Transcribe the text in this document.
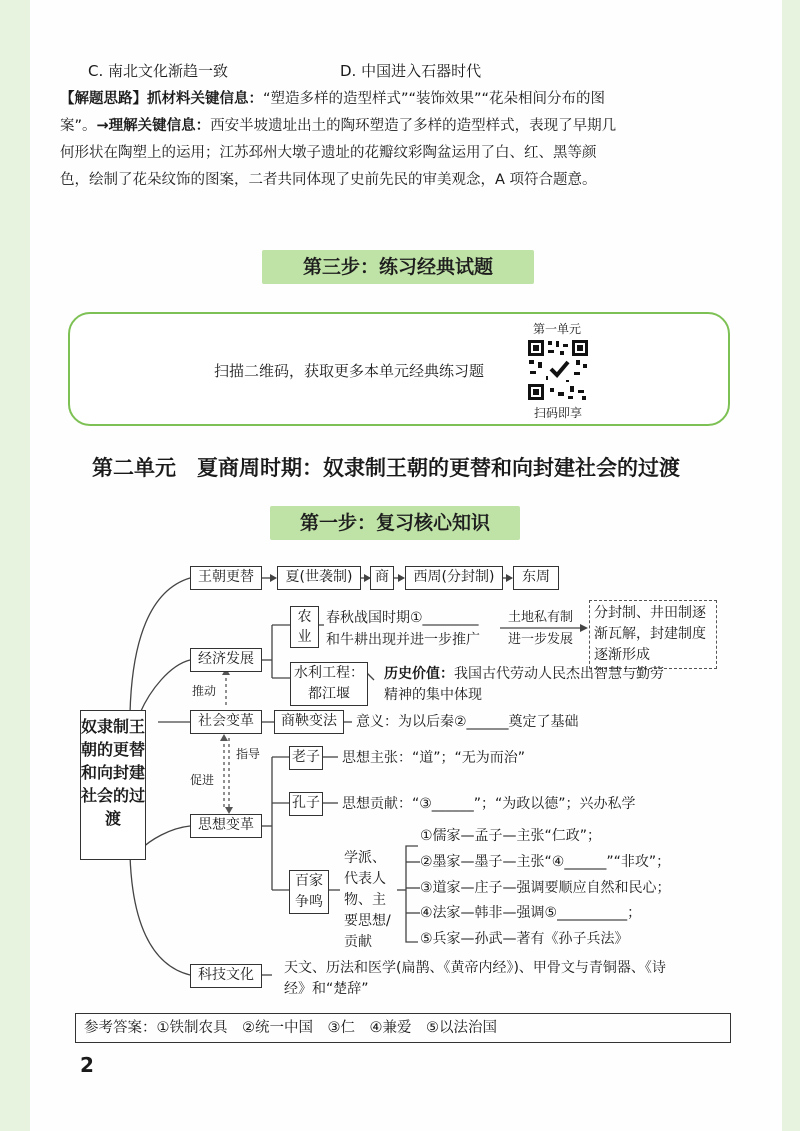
C. 南北文化渐趋一致	D. 中国进入石器时代
【解题思路】抓材料关键信息：“塑造多样的造型样式”“装饰效果”“花朵相间分布的图案”。→理解关键信息：西安半坡遗址出土的陶环塑造了多样的造型样式，表现了早期几何形状在陶塑上的运用；江苏邳州大墩子遗址的花瓣纹彩陶盆运用了白、红、黑等颜色，绘制了花朵纹饰的图案，二者共同体现了史前先民的审美观念，A 项符合题意。
第三步：练习经典试题
扫描二维码，获取更多本单元经典练习题
第一单元
扫码即享
第二单元　夏商周时期：奴隶制王朝的更替和向封建社会的过渡
第一步：复习核心知识
奴隶制王朝的更替和向封建社会的过渡
王朝更替	夏(世袭制)	商	西周(分封制)	东周
经济发展
农业
春秋战国时期①________
和牛耕出现并进一步推广
土地私有制
进一步发展
分封制、井田制逐渐瓦解，封建制度逐渐形成
水利工程：
都江堰
历史价值：我国古代劳动人民杰出智慧与勤劳
精神的集中体现
推动
社会变革	商鞅变法	意义：为以后秦②______奠定了基础
指导
促进
思想变革
老子 思想主张：“道”；“无为而治”
孔子 思想贡献：“③______”；“为政以德”；兴办私学
百家争鸣
学派、代表人物、主要思想/贡献
①儒家—孟子—主张“仁政”；
②墨家—墨子—主张“④______”“非攻”；
③道家—庄子—强调要顺应自然和民心；
④法家—韩非—强调⑤__________；
⑤兵家—孙武—著有《孙子兵法》
科技文化	天文、历法和医学(扁鹊、《黄帝内经》)、甲骨文与青铜器、《诗
经》和“楚辞”
参考答案：①铁制农具　②统一中国　③仁　④兼爱　⑤以法治国
2
